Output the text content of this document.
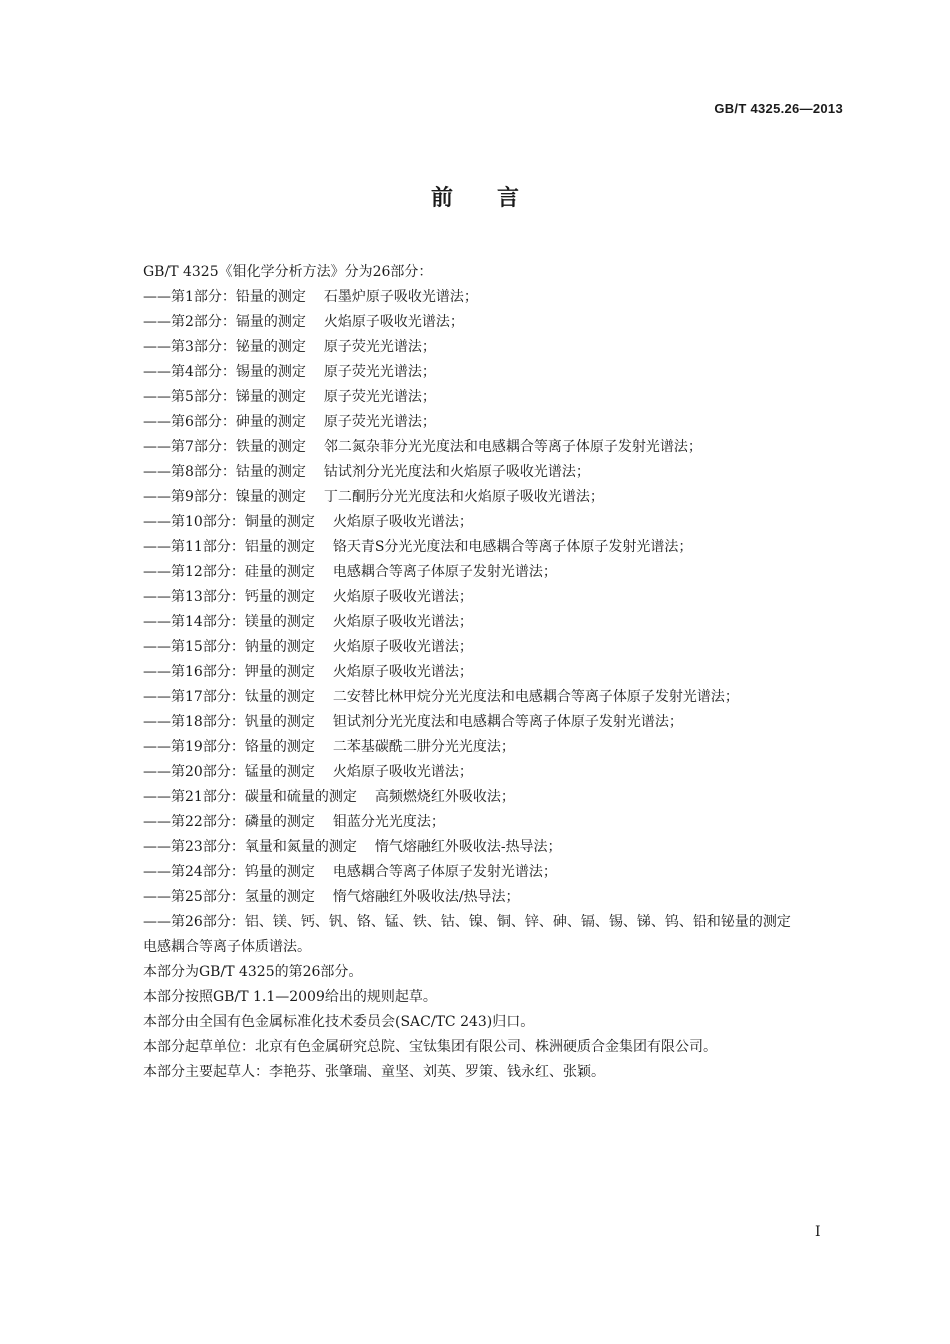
GB/T 4325.26—2013
前言
GB/T 4325《钼化学分析方法》分为26部分：
——第1部分：铅量的测定 石墨炉原子吸收光谱法；
——第2部分：镉量的测定 火焰原子吸收光谱法；
——第3部分：铋量的测定 原子荧光光谱法；
——第4部分：锡量的测定 原子荧光光谱法；
——第5部分：锑量的测定 原子荧光光谱法；
——第6部分：砷量的测定 原子荧光光谱法；
——第7部分：铁量的测定 邻二氮杂菲分光光度法和电感耦合等离子体原子发射光谱法；
——第8部分：钴量的测定 钴试剂分光光度法和火焰原子吸收光谱法；
——第9部分：镍量的测定 丁二酮肟分光光度法和火焰原子吸收光谱法；
——第10部分：铜量的测定 火焰原子吸收光谱法；
——第11部分：铝量的测定 铬天青S分光光度法和电感耦合等离子体原子发射光谱法；
——第12部分：硅量的测定 电感耦合等离子体原子发射光谱法；
——第13部分：钙量的测定 火焰原子吸收光谱法；
——第14部分：镁量的测定 火焰原子吸收光谱法；
——第15部分：钠量的测定 火焰原子吸收光谱法；
——第16部分：钾量的测定 火焰原子吸收光谱法；
——第17部分：钛量的测定 二安替比林甲烷分光光度法和电感耦合等离子体原子发射光谱法；
——第18部分：钒量的测定 钽试剂分光光度法和电感耦合等离子体原子发射光谱法；
——第19部分：铬量的测定 二苯基碳酰二肼分光光度法；
——第20部分：锰量的测定 火焰原子吸收光谱法；
——第21部分：碳量和硫量的测定 高频燃烧红外吸收法；
——第22部分：磷量的测定 钼蓝分光光度法；
——第23部分：氧量和氮量的测定 惰气熔融红外吸收法-热导法；
——第24部分：钨量的测定 电感耦合等离子体原子发射光谱法；
——第25部分：氢量的测定 惰气熔融红外吸收法/热导法；
——第26部分：铝、镁、钙、钒、铬、锰、铁、钴、镍、铜、锌、砷、镉、锡、锑、钨、铅和铋量的测定电感耦合等离子体质谱法。
本部分为GB/T 4325的第26部分。
本部分按照GB/T 1.1—2009给出的规则起草。
本部分由全国有色金属标准化技术委员会(SAC/TC 243)归口。
本部分起草单位：北京有色金属研究总院、宝钛集团有限公司、株洲硬质合金集团有限公司。
本部分主要起草人：李艳芬、张肇瑞、童坚、刘英、罗策、钱永红、张颖。
I
